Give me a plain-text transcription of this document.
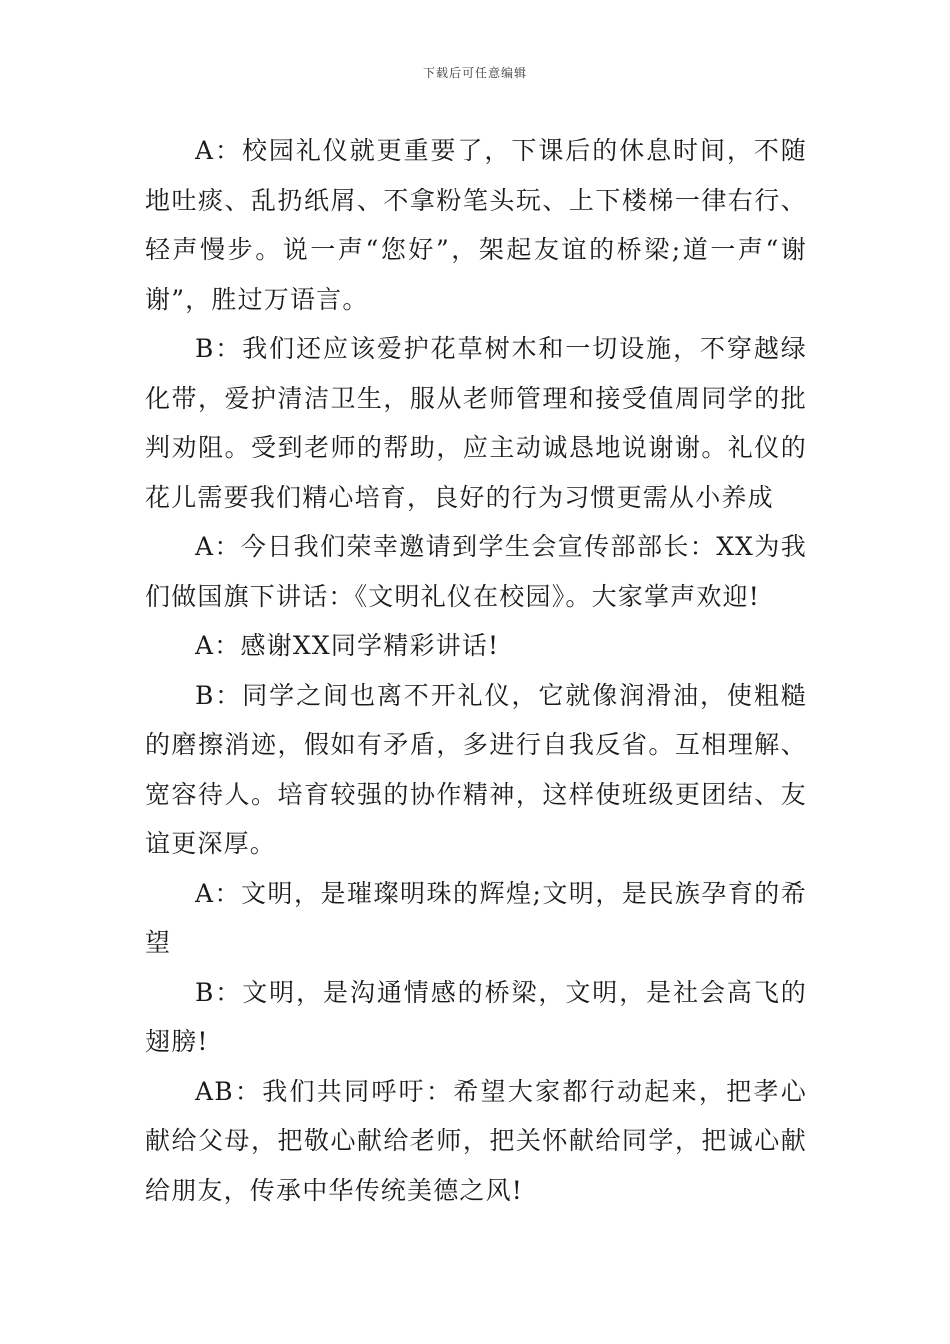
下载后可任意编辑

A：校园礼仪就更重要了，下课后的休息时间，不随地吐痰、乱扔纸屑、不拿粉笔头玩、上下楼梯一律右行、轻声慢步。说一声“您好”，架起友谊的桥梁;道一声“谢谢”，胜过万语言。

B：我们还应该爱护花草树木和一切设施，不穿越绿化带，爱护清洁卫生，服从老师管理和接受值周同学的批判劝阻。受到老师的帮助，应主动诚恳地说谢谢。礼仪的花儿需要我们精心培育，良好的行为习惯更需从小养成

A：今日我们荣幸邀请到学生会宣传部部长：XX为我们做国旗下讲话：《文明礼仪在校园》。大家掌声欢迎!

A：感谢XX同学精彩讲话!

B：同学之间也离不开礼仪，它就像润滑油，使粗糙的磨擦消迹，假如有矛盾，多进行自我反省。互相理解、宽容待人。培育较强的协作精神，这样使班级更团结、友谊更深厚。

A：文明，是璀璨明珠的辉煌;文明，是民族孕育的希望

B：文明，是沟通情感的桥梁，文明，是社会高飞的翅膀!

AB：我们共同呼吁：希望大家都行动起来，把孝心献给父母，把敬心献给老师，把关怀献给同学，把诚心献给朋友，传承中华传统美德之风!
